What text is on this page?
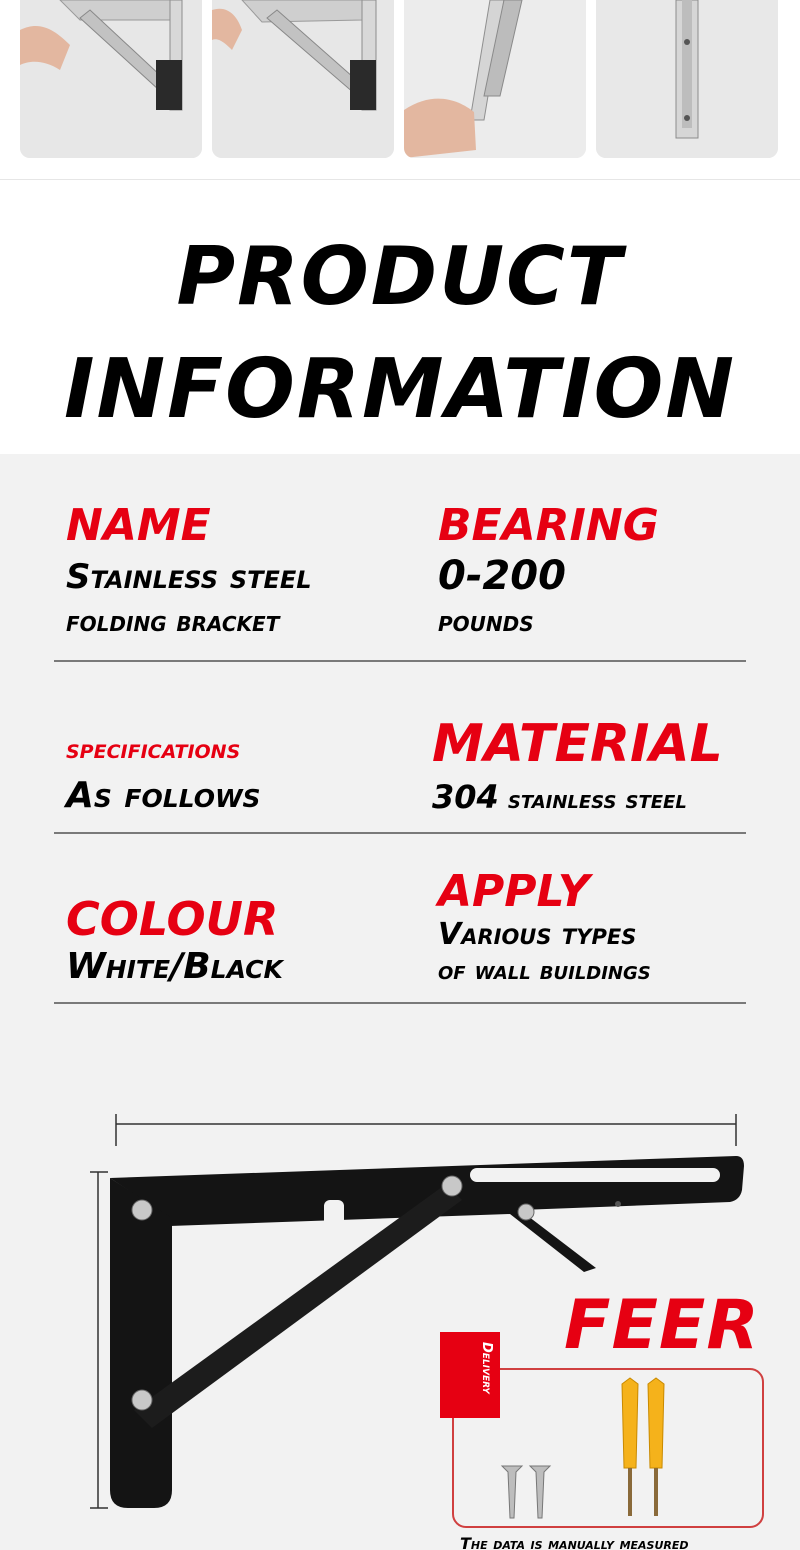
PRODUCT
INFORMATION
NAME
Stainless steel
folding bracket
BEARING
0-200
pounds
specifications
As follows
MATERIAL
304 stainless steel
COLOUR
White/Black
APPLY
Various types
of wall buildings
Delivery
FEER
The data is manually measured
